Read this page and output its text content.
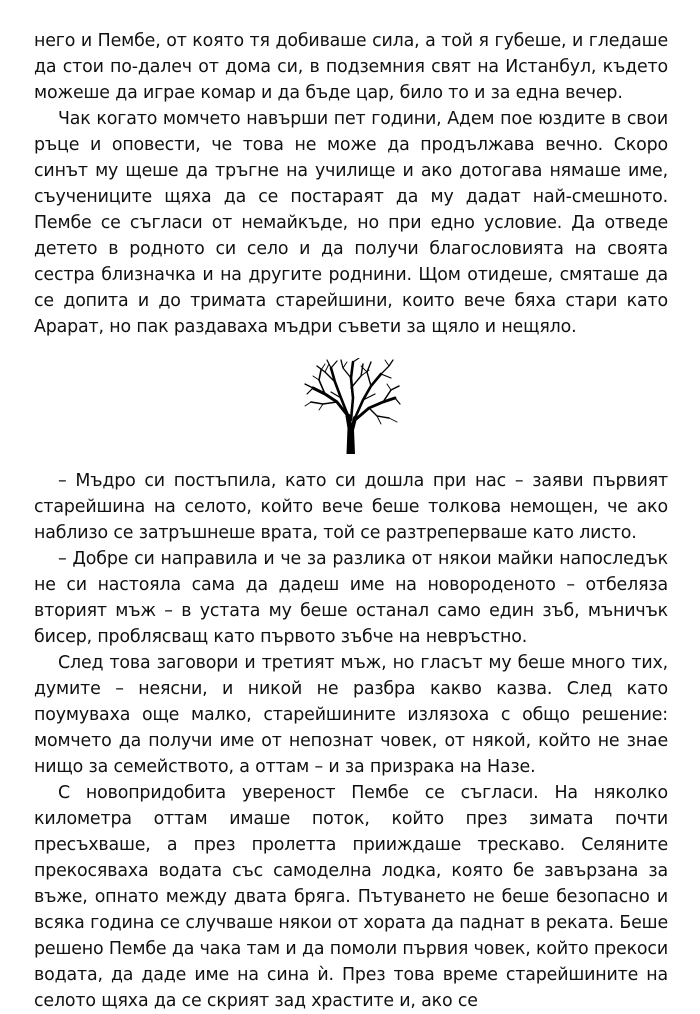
него и Пембе, от която тя добиваше сила, а той я губеше, и гледаше да стои по-далеч от дома си, в подземния свят на Истанбул, където можеше да играе комар и да бъде цар, било то и за една вечер.

Чак когато момчето навърши пет години, Адем пое юздите в свои ръце и оповести, че това не може да продължава вечно. Скоро синът му щеше да тръгне на училище и ако дотогава нямаше име, съучениците щяха да се постараят да му дадат най-смешното. Пембе се съгласи от немайкъде, но при едно условие. Да отведе детето в родното си село и да получи благословията на своята сестра близначка и на другите роднини. Щом отидеше, смяташе да се допита и до тримата старейшини, които вече бяха стари като Арарат, но пак раздаваха мъдри съвети за щяло и нещяло.

– Мъдро си постъпила, като си дошла при нас – заяви първият старейшина на селото, който вече беше толкова немощен, че ако наблизо се затръшнеше врата, той се разтреперваше като листо.

– Добре си направила и че за разлика от някои майки напоследък не си настояла сама да дадеш име на новороденото – отбеляза вторият мъж – в устата му беше останал само един зъб, мъничък бисер, проблясващ като първото зъбче на невръстно.

След това заговори и третият мъж, но гласът му беше много тих, думите – неясни, и никой не разбра какво казва. След като поумуваха още малко, старейшините излязоха с общо решение: момчето да получи име от непознат човек, от някой, който не знае нищо за семейството, а оттам – и за призрака на Назе.

С новопридобита увереност Пембе се съгласи. На няколко километра оттам имаше поток, който през зимата почти пресъхваше, а през пролетта прииждаше трескаво. Селяните прекосяваха водата със самоделна лодка, която бе завързана за въже, опнато между двата бряга. Пътуването не беше безопасно и всяка година се случваше някои от хората да паднат в реката. Беше решено Пембе да чака там и да помоли първия човек, който прекоси водата, да даде име на сина ѝ. През това време старейшините на селото щяха да се скрият зад храстите и, ако се
